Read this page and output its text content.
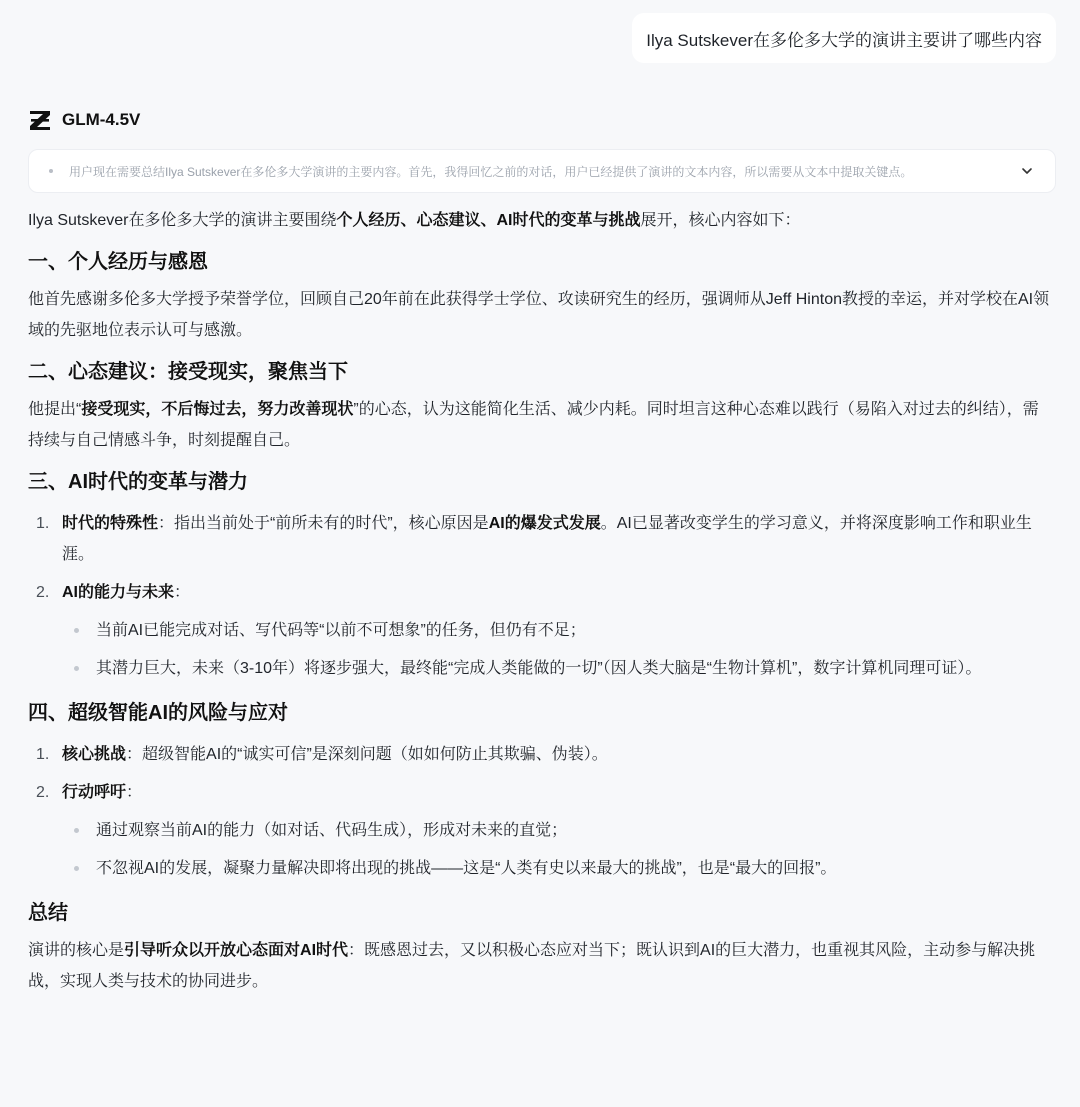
Ilya Sutskever在多伦多大学的演讲主要讲了哪些内容
GLM-4.5V
用户现在需要总结Ilya Sutskever在多伦多大学演讲的主要内容。首先，我得回忆之前的对话，用户已经提供了演讲的文本内容，所以需要从文本中提取关键点。

Ilya Sutskever在多伦多大学的演讲主要围绕个人经历、心态建议、AI时代的变革与挑战展开，核心内容如下：

一、个人经历与感恩

他首先感谢多伦多大学授予荣誉学位，回顾自己20年前在此获得学士学位、攻读研究生的经历，强调师从Jeff Hinton教授的幸运，并对学校在AI领域的先驱地位表示认可与感激。

二、心态建议：接受现实，聚焦当下

他提出“接受现实，不后悔过去，努力改善现状”的心态，认为这能简化生活、减少内耗。同时坦言这种心态难以践行（易陷入对过去的纠结），需持续与自己情感斗争，时刻提醒自己。

三、AI时代的变革与潜力
1. 时代的特殊性：指出当前处于“前所未有的时代”，核心原因是AI的爆发式发展。AI已显著改变学生的学习意义，并将深度影响工作和职业生涯。
2. AI的能力与未来：
当前AI已能完成对话、写代码等“以前不可想象”的任务，但仍有不足；
其潜力巨大，未来（3-10年）将逐步强大，最终能“完成人类能做的一切”（因人类大脑是“生物计算机”，数字计算机同理可证）。
四、超级智能AI的风险与应对
1. 核心挑战：超级智能AI的“诚实可信”是深刻问题（如如何防止其欺骗、伪装）。
2. 行动呼吁：
通过观察当前AI的能力（如对话、代码生成），形成对未来的直觉；
不忽视AI的发展，凝聚力量解决即将出现的挑战——这是“人类有史以来最大的挑战”，也是“最大的回报”。
总结

演讲的核心是引导听众以开放心态面对AI时代：既感恩过去，又以积极心态应对当下；既认识到AI的巨大潜力，也重视其风险，主动参与解决挑战，实现人类与技术的协同进步。
